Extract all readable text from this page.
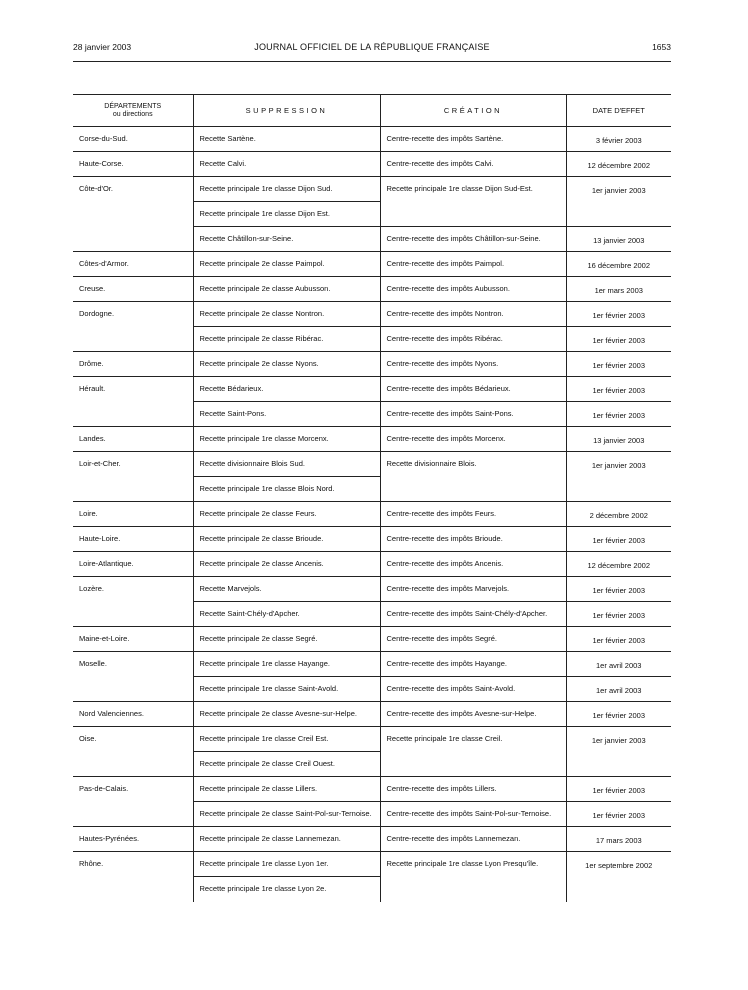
28 janvier 2003	JOURNAL OFFICIEL DE LA RÉPUBLIQUE FRANÇAISE	1653
DÉPARTEMENTS
ou directions	SUPPRESSION	CRÉATION	DATE D'EFFET
Corse-du-Sud.	Recette Sartène.	Centre-recette des impôts Sartène.	3 février 2003
Haute-Corse.	Recette Calvi.	Centre-recette des impôts Calvi.	12 décembre 2002
Côte-d'Or.	Recette principale 1re classe Dijon Sud.	Recette principale 1re classe Dijon Sud-Est.	1er janvier 2003
	Recette principale 1re classe Dijon Est.		
	Recette Châtillon-sur-Seine.	Centre-recette des impôts Châtillon-sur-Seine.	13 janvier 2003
Côtes-d'Armor.	Recette principale 2e classe Paimpol.	Centre-recette des impôts Paimpol.	16 décembre 2002
Creuse.	Recette principale 2e classe Aubusson.	Centre-recette des impôts Aubusson.	1er mars 2003
Dordogne.	Recette principale 2e classe Nontron.	Centre-recette des impôts Nontron.	1er février 2003
	Recette principale 2e classe Ribérac.	Centre-recette des impôts Ribérac.	1er février 2003
Drôme.	Recette principale 2e classe Nyons.	Centre-recette des impôts Nyons.	1er février 2003
Hérault.	Recette Bédarieux.	Centre-recette des impôts Bédarieux.	1er février 2003
	Recette Saint-Pons.	Centre-recette des impôts Saint-Pons.	1er février 2003
Landes.	Recette principale 1re classe Morcenx.	Centre-recette des impôts Morcenx.	13 janvier 2003
Loir-et-Cher.	Recette divisionnaire Blois Sud.	Recette divisionnaire Blois.	1er janvier 2003
	Recette principale 1re classe Blois Nord.		
Loire.	Recette principale 2e classe Feurs.	Centre-recette des impôts Feurs.	2 décembre 2002
Haute-Loire.	Recette principale 2e classe Brioude.	Centre-recette des impôts Brioude.	1er février 2003
Loire-Atlantique.	Recette principale 2e classe Ancenis.	Centre-recette des impôts Ancenis.	12 décembre 2002
Lozère.	Recette Marvejols.	Centre-recette des impôts Marvejols.	1er février 2003
	Recette Saint-Chély-d'Apcher.	Centre-recette des impôts Saint-Chély-d'Apcher.	1er février 2003
Maine-et-Loire.	Recette principale 2e classe Segré.	Centre-recette des impôts Segré.	1er février 2003
Moselle.	Recette principale 1re classe Hayange.	Centre-recette des impôts Hayange.	1er avril 2003
	Recette principale 1re classe Saint-Avold.	Centre-recette des impôts Saint-Avold.	1er avril 2003
Nord Valenciennes.	Recette principale 2e classe Avesne-sur-Helpe.	Centre-recette des impôts Avesne-sur-Helpe.	1er février 2003
Oise.	Recette principale 1re classe Creil Est.	Recette principale 1re classe Creil.	1er janvier 2003
	Recette principale 2e classe Creil Ouest.		
Pas-de-Calais.	Recette principale 2e classe Lillers.	Centre-recette des impôts Lillers.	1er février 2003
	Recette principale 2e classe Saint-Pol-sur-Ternoise.	Centre-recette des impôts Saint-Pol-sur-Ternoise.	1er février 2003
Hautes-Pyrénées.	Recette principale 2e classe Lannemezan.	Centre-recette des impôts Lannemezan.	17 mars 2003
Rhône.	Recette principale 1re classe Lyon 1er.	Recette principale 1re classe Lyon Presqu'île.	1er septembre 2002
	Recette principale 1re classe Lyon 2e.		
